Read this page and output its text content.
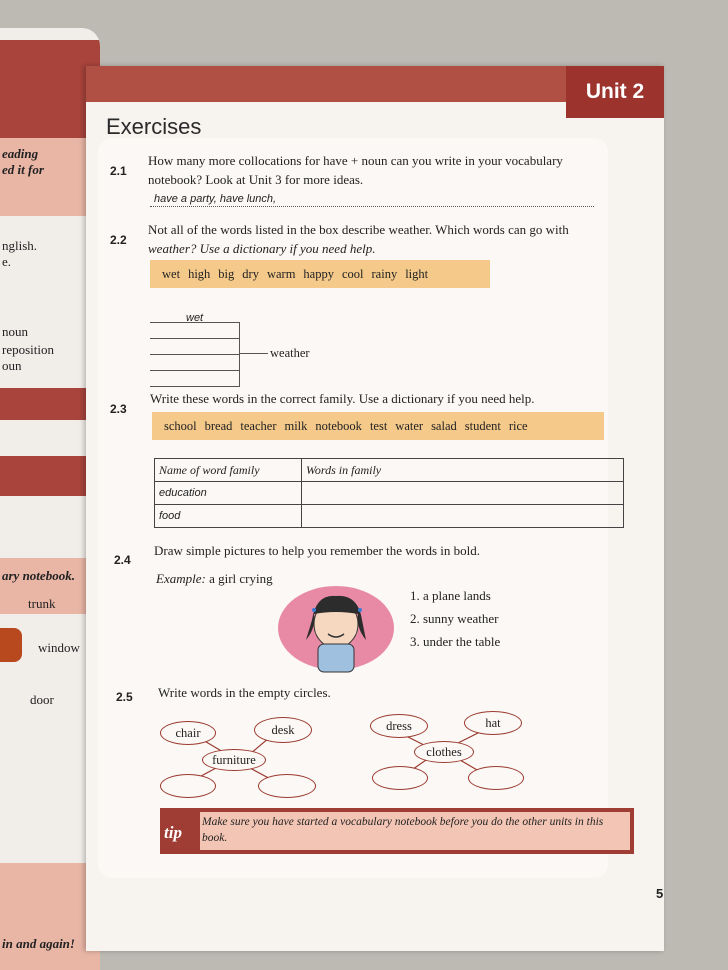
eading
ed it for
nglish.
e.
noun
reposition
oun
ary notebook.
trunk
window
door
in and again!
Unit 2
Exercises
2.1
How many more collocations for have + noun can you write in your vocabulary
notebook? Look at Unit 3 for more ideas.
have a party, have lunch,
2.2
Not all of the words listed in the box describe weather. Which words can go with
weather? Use a dictionary if you need help.
wet high big dry warm happy cool rainy light
wet
weather
2.3
Write these words in the correct family. Use a dictionary if you need help.
school bread teacher milk notebook test water salad student rice
Name of word family	Words in family
education	
food	
2.4
Draw simple pictures to help you remember the words in bold.
Example: a girl crying
1. a plane lands
2. sunny weather
3. under the table
2.5 Write words in the empty circles.
chair	desk
furniture
dress	hat
clothes
tip
Make sure you have started a vocabulary notebook before you do the other units in this book.
5
